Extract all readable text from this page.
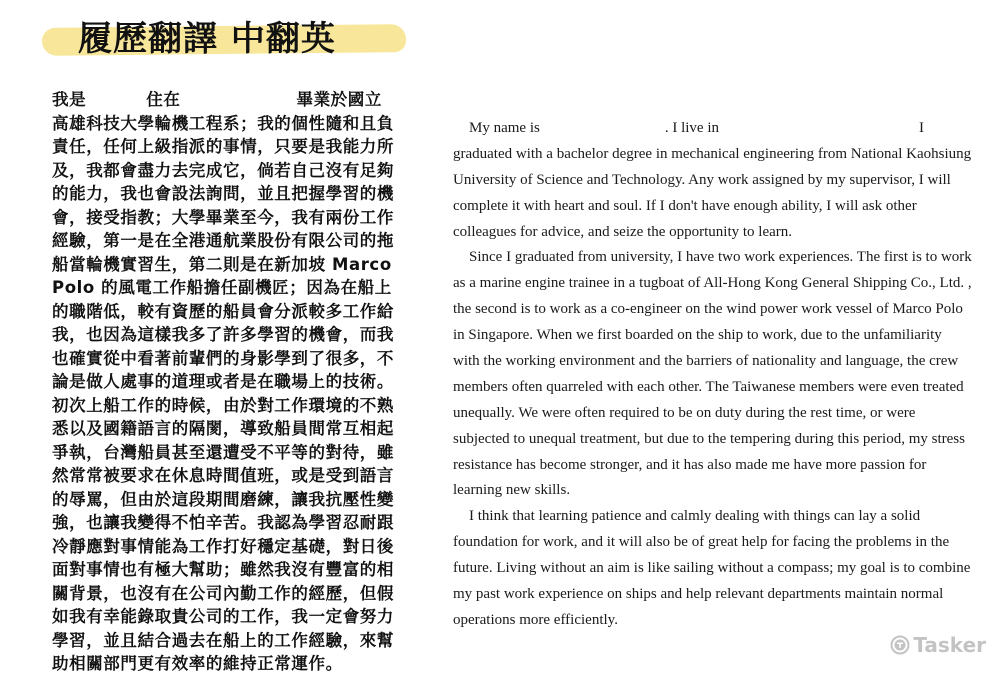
履歷翻譯 中翻英
我是	住在	畢業於國立
高雄科技大學輪機工程系；我的個性隨和且負
責任，任何上級指派的事情，只要是我能力所
及，我都會盡力去完成它，倘若自己沒有足夠
的能力，我也會設法詢問，並且把握學習的機
會，接受指教；大學畢業至今，我有兩份工作
經驗，第一是在全港通航業股份有限公司的拖
船當輪機實習生，第二則是在新加坡 Marco
Polo 的風電工作船擔任副機匠；因為在船上
的職階低，較有資歷的船員會分派較多工作給
我，也因為這樣我多了許多學習的機會，而我
也確實從中看著前輩們的身影學到了很多，不
論是做人處事的道理或者是在職場上的技術。
初次上船工作的時候，由於對工作環境的不熟
悉以及國籍語言的隔閡，導致船員間常互相起
爭執，台灣船員甚至還遭受不平等的對待，雖
然常常被要求在休息時間值班，或是受到語言
的辱罵，但由於這段期間磨練，讓我抗壓性變
強，也讓我變得不怕辛苦。我認為學習忍耐跟
冷靜應對事情能為工作打好穩定基礎，對日後
面對事情也有極大幫助；雖然我沒有豐富的相
關背景，也沒有在公司內勤工作的經歷，但假
如我有幸能錄取貴公司的工作，我一定會努力
學習，並且結合過去在船上的工作經驗，來幫
助相關部門更有效率的維持正常運作。
My name is	. I live in	I
graduated with a bachelor degree in mechanical engineering from National Kaohsiung
University of Science and Technology. Any work assigned by my supervisor, I will
complete it with heart and soul. If I don't have enough ability, I will ask other
colleagues for advice, and seize the opportunity to learn.
Since I graduated from university, I have two work experiences. The first is to work
as a marine engine trainee in a tugboat of All-Hong Kong General Shipping Co., Ltd. ,
the second is to work as a co-engineer on the wind power work vessel of Marco Polo
in Singapore. When we first boarded on the ship to work, due to the unfamiliarity
with the working environment and the barriers of nationality and language, the crew
members often quarreled with each other. The Taiwanese members were even treated
unequally. We were often required to be on duty during the rest time, or were
subjected to unequal treatment, but due to the tempering during this period, my stress
resistance has become stronger, and it has also made me have more passion for
learning new skills.
I think that learning patience and calmly dealing with things can lay a solid
foundation for work, and it will also be of great help for facing the problems in the
future. Living without an aim is like sailing without a compass; my goal is to combine
my past work experience on ships and help relevant departments maintain normal
operations more efficiently.
Tasker
